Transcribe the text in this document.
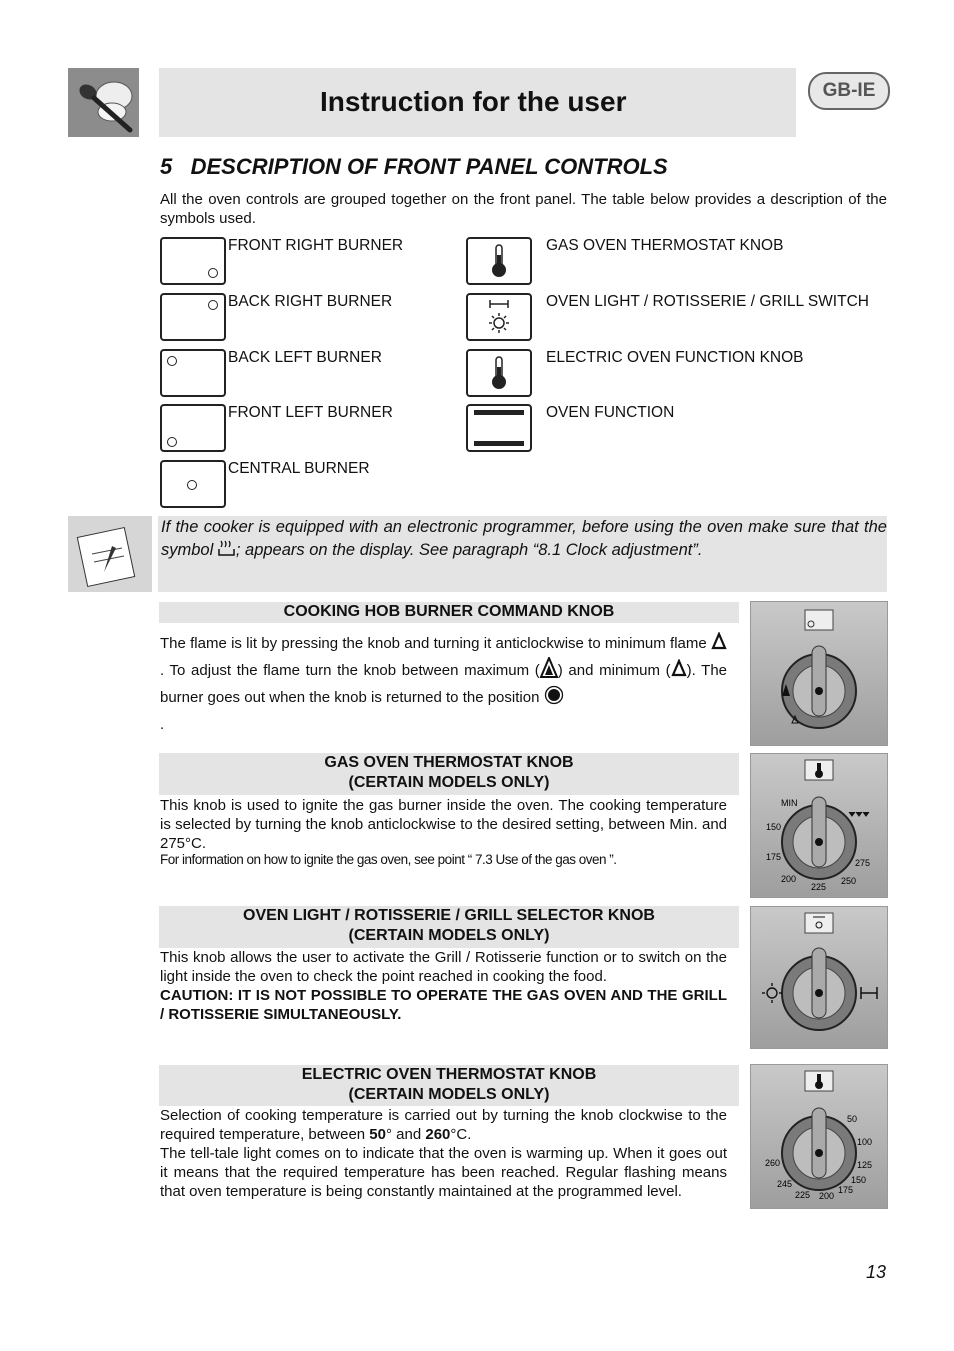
Instruction for the user	GB-IE
5 DESCRIPTION OF FRONT PANEL CONTROLS
All the oven controls are grouped together on the front panel. The table below provides a description of the symbols used.
FRONT RIGHT BURNER
BACK RIGHT BURNER
BACK LEFT BURNER
FRONT LEFT BURNER
CENTRAL BURNER
GAS OVEN THERMOSTAT KNOB
OVEN LIGHT / ROTISSERIE / GRILL SWITCH
ELECTRIC OVEN FUNCTION KNOB
OVEN FUNCTION
If the cooker is equipped with an electronic programmer, before using the oven make sure that the symbol ; appears on the display. See paragraph “8.1 Clock adjustment”.
COOKING HOB BURNER COMMAND KNOB
The flame is lit by pressing the knob and turning it anticlockwise to minimum flame . To adjust the flame turn the knob between maximum ( ) and minimum ( ). The burner goes out when the knob is returned to the position
.
GAS OVEN THERMOSTAT KNOB
(CERTAIN MODELS ONLY)
This knob is used to ignite the gas burner inside the oven. The cooking temperature is selected by turning the knob anticlockwise to the desired setting, between Min. and 275°C.
For information on how to ignite the gas oven, see point “ 7.3 Use of the gas oven ”.
MIN
150
175
200
225
250
275
OVEN LIGHT / ROTISSERIE / GRILL SELECTOR KNOB
(CERTAIN MODELS ONLY)
This knob allows the user to activate the Grill / Rotisserie function or to switch on the light inside the oven to check the point reached in cooking the food.
CAUTION: IT IS NOT POSSIBLE TO OPERATE THE GAS OVEN AND THE GRILL / ROTISSERIE SIMULTANEOUSLY.
ELECTRIC OVEN THERMOSTAT KNOB
(CERTAIN MODELS ONLY)
Selection of cooking temperature is carried out by turning the knob clockwise to the required temperature, between 50° and 260°C.
The tell-tale light comes on to indicate that the oven is warming up. When it goes out it means that the required temperature has been reached. Regular flashing means that oven temperature is being constantly maintained at the programmed level.
50
100
125
150
175
200
225
245
260
13
